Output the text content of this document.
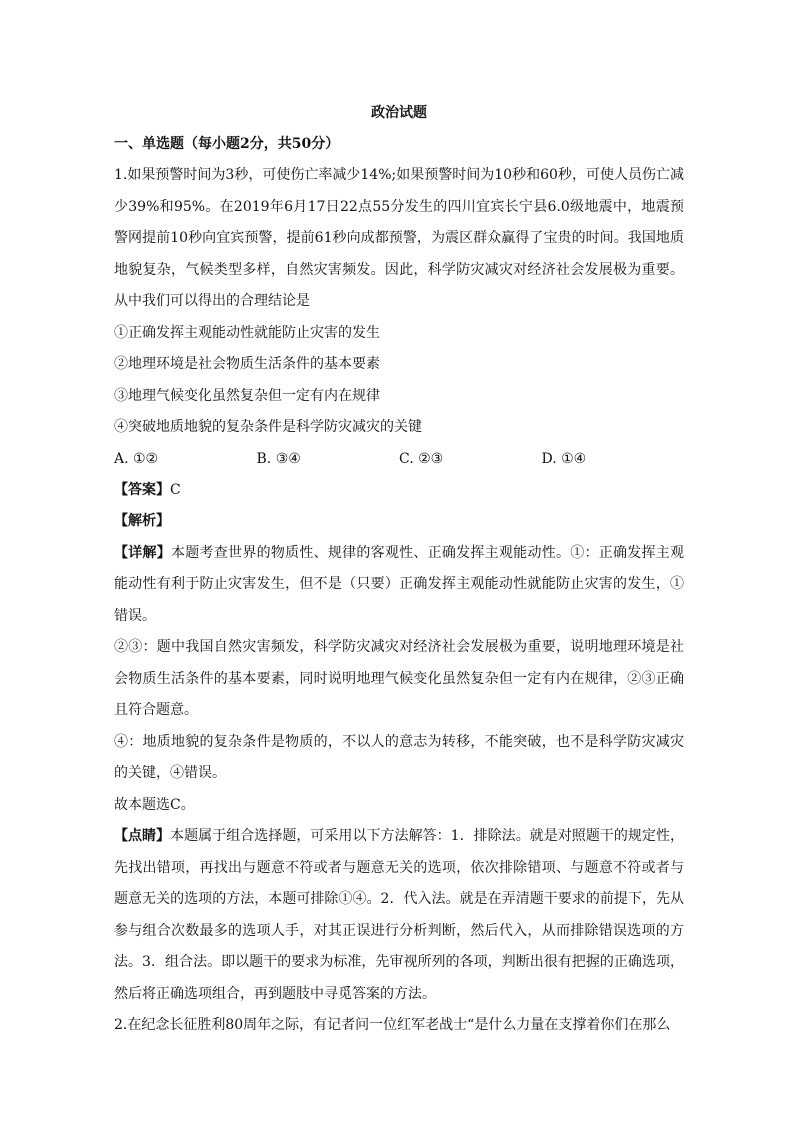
政治试题
一、单选题（每小题2分，共50分）

1.如果预警时间为3秒，可使伤亡率减少14%;如果预警时间为10秒和60秒，可使人员伤亡减少39%和95%。在2019年6月17日22点55分发生的四川宜宾长宁县6.0级地震中，地震预警网提前10秒向宜宾预警，提前61秒向成都预警，为震区群众赢得了宝贵的时间。我国地质地貌复杂，气候类型多样，自然灾害频发。因此，科学防灾减灾对经济社会发展极为重要。从中我们可以得出的合理结论是

①正确发挥主观能动性就能防止灾害的发生

②地理环境是社会物质生活条件的基本要素

③地理气候变化虽然复杂但一定有内在规律

④突破地质地貌的复杂条件是科学防灾减灾的关键

A. ①②	B. ③④	C. ②③	D. ①④

【答案】C

【解析】

【详解】本题考查世界的物质性、规律的客观性、正确发挥主观能动性。①：正确发挥主观能动性有利于防止灾害发生，但不是（只要）正确发挥主观能动性就能防止灾害的发生，①错误。

②③：题中我国自然灾害频发，科学防灾减灾对经济社会发展极为重要，说明地理环境是社会物质生活条件的基本要素，同时说明地理气候变化虽然复杂但一定有内在规律，②③正确且符合题意。

④：地质地貌的复杂条件是物质的，不以人的意志为转移，不能突破，也不是科学防灾减灾的关键，④错误。

故本题选C。

【点睛】本题属于组合选择题，可采用以下方法解答：1．排除法。就是对照题干的规定性，先找出错项，再找出与题意不符或者与题意无关的选项，依次排除错项、与题意不符或者与题意无关的选项的方法，本题可排除①④。2．代入法。就是在弄清题干要求的前提下，先从参与组合次数最多的选项人手，对其正误进行分析判断，然后代入，从而排除错误选项的方法。3．组合法。即以题干的要求为标准，先审视所列的各项，判断出很有把握的正确选项，然后将正确选项组合，再到题肢中寻觅答案的方法。

2.在纪念长征胜利80周年之际，有记者问一位红军老战士“是什么力量在支撑着你们在那么
